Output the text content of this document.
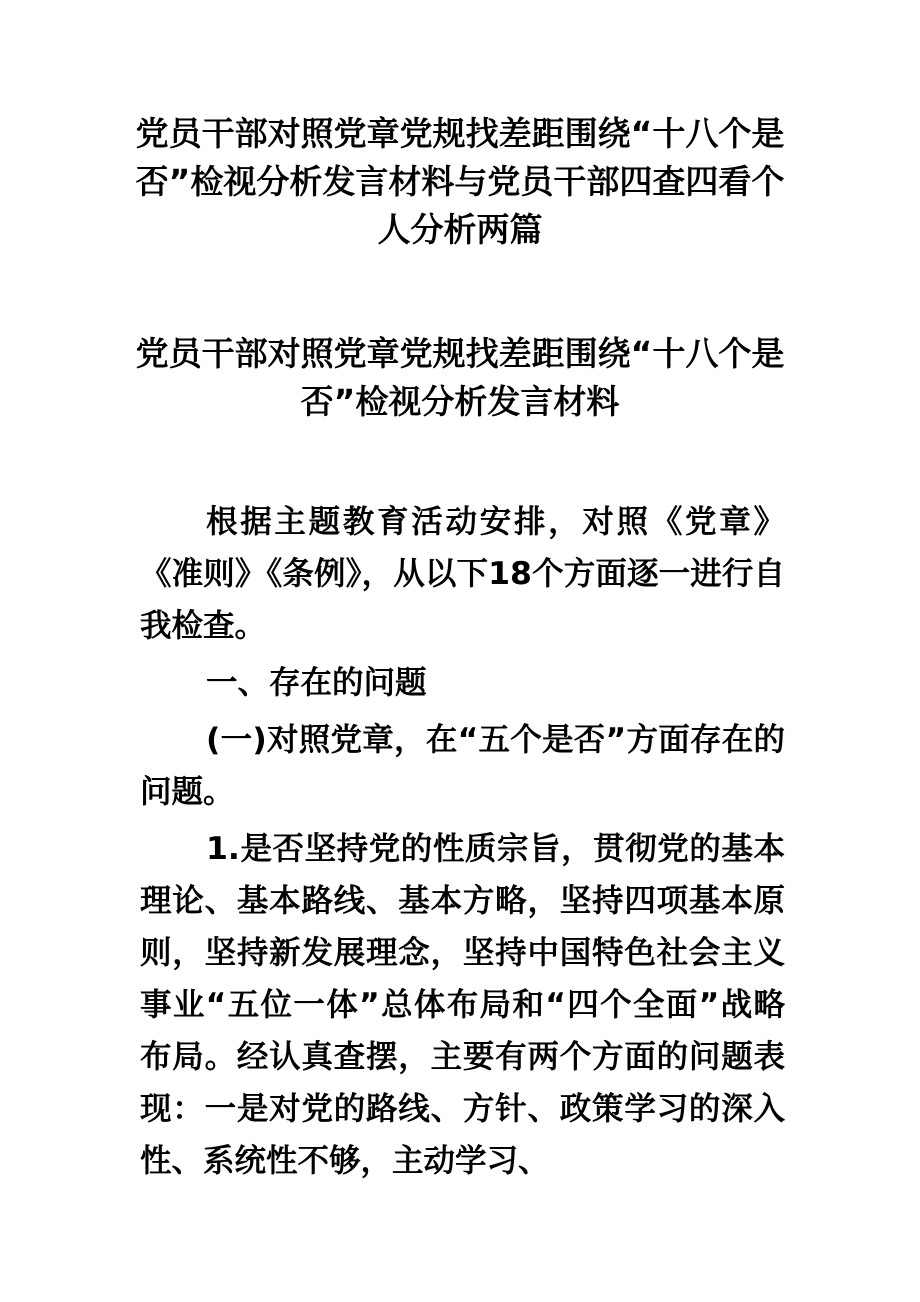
党员干部对照党章党规找差距围绕“十八个是否”检视分析发言材料与党员干部四查四看个人分析两篇
党员干部对照党章党规找差距围绕“十八个是否”检视分析发言材料

根据主题教育活动安排，对照《党章》《准则》《条例》，从以下18个方面逐一进行自我检查。

一、存在的问题

(一)对照党章，在“五个是否”方面存在的问题。

1.是否坚持党的性质宗旨，贯彻党的基本理论、基本路线、基本方略，坚持四项基本原则，坚持新发展理念，坚持中国特色社会主义事业“五位一体”总体布局和“四个全面”战略布局。经认真查摆，主要有两个方面的问题表现：一是对党的路线、方针、政策学习的深入性、系统性不够，主动学习、
